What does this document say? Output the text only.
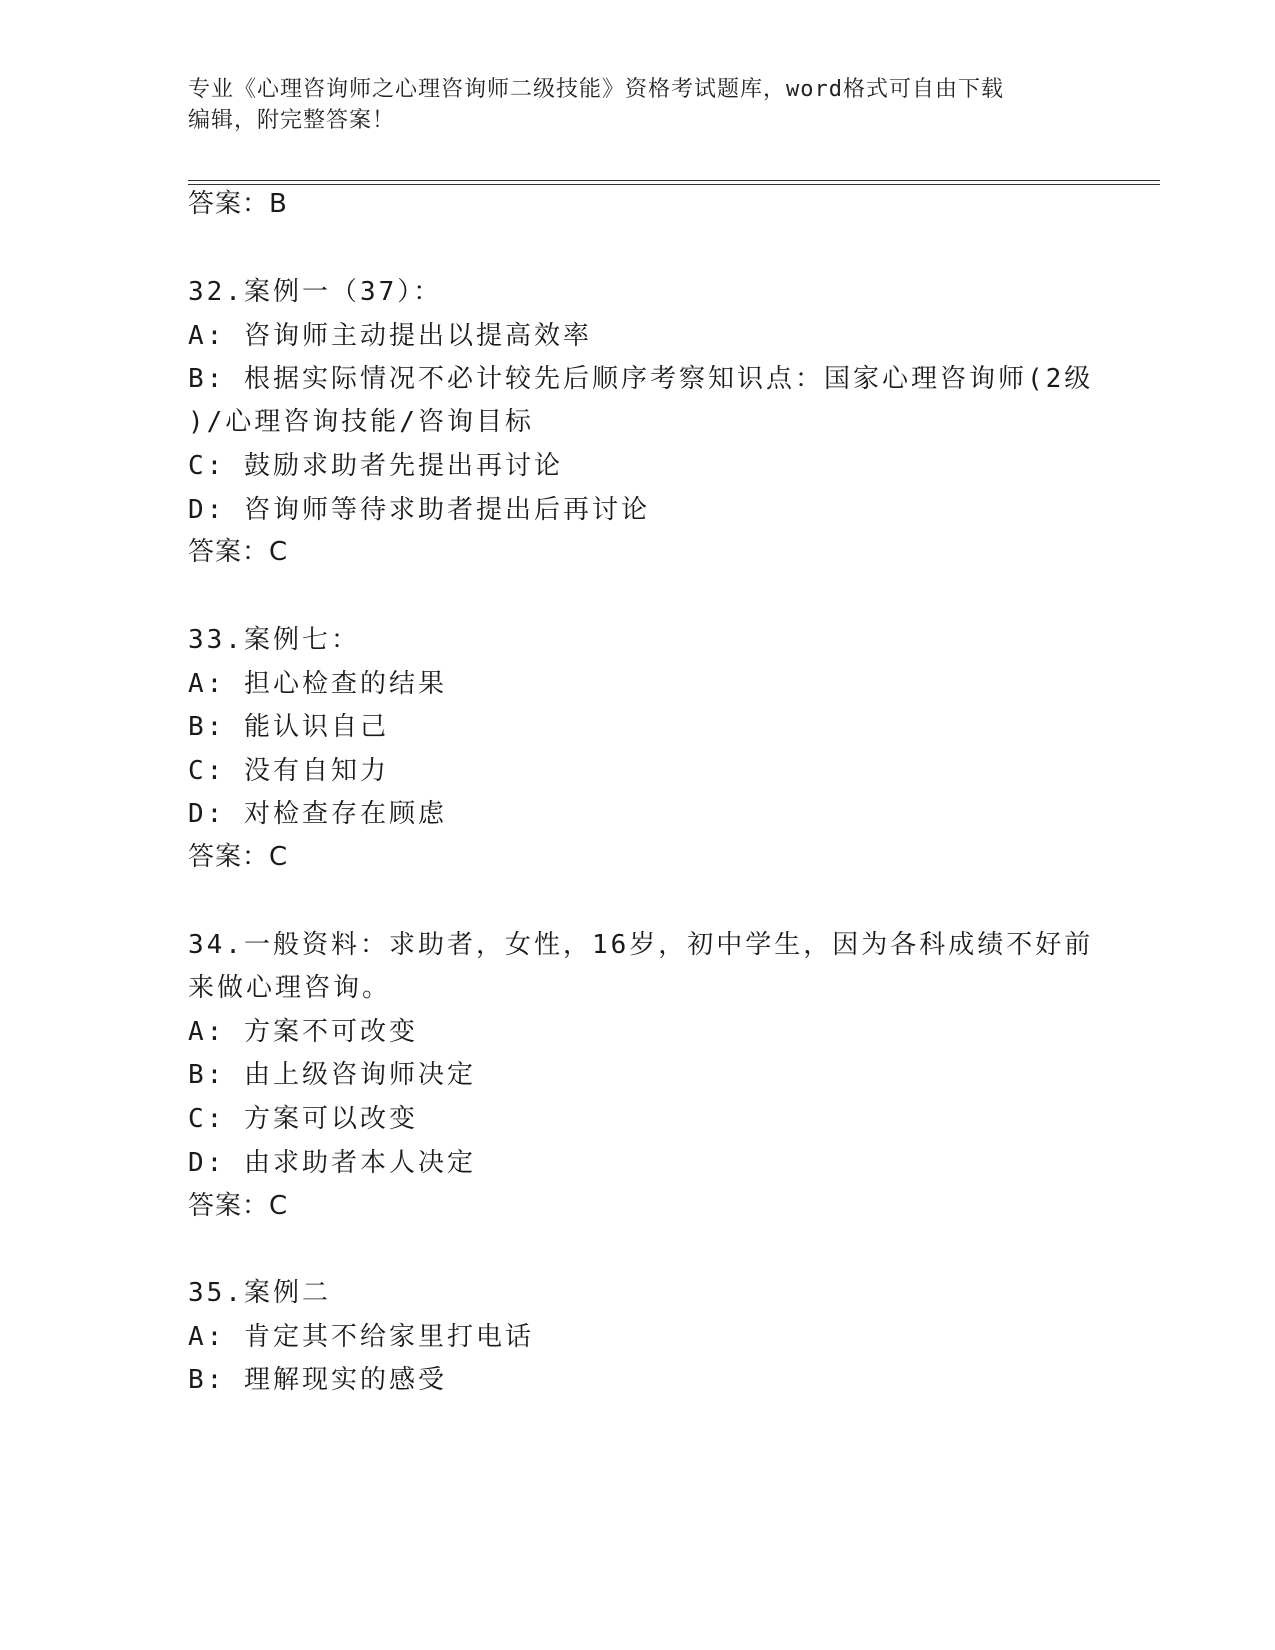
专业《心理咨询师之心理咨询师二级技能》资格考试题库，word格式可自由下载
编辑，附完整答案！
答案：B
32.案例一（37）：
A: 咨询师主动提出以提高效率
B: 根据实际情况不必计较先后顺序考察知识点：国家心理咨询师(2级
)/心理咨询技能/咨询目标
C: 鼓励求助者先提出再讨论
D: 咨询师等待求助者提出后再讨论
答案：C
33.案例七：
A: 担心检查的结果
B: 能认识自己
C: 没有自知力
D: 对检查存在顾虑
答案：C
34.一般资料：求助者，女性，16岁，初中学生，因为各科成绩不好前
来做心理咨询。
A: 方案不可改变
B: 由上级咨询师决定
C: 方案可以改变
D: 由求助者本人决定
答案：C
35.案例二
A: 肯定其不给家里打电话
B: 理解现实的感受
